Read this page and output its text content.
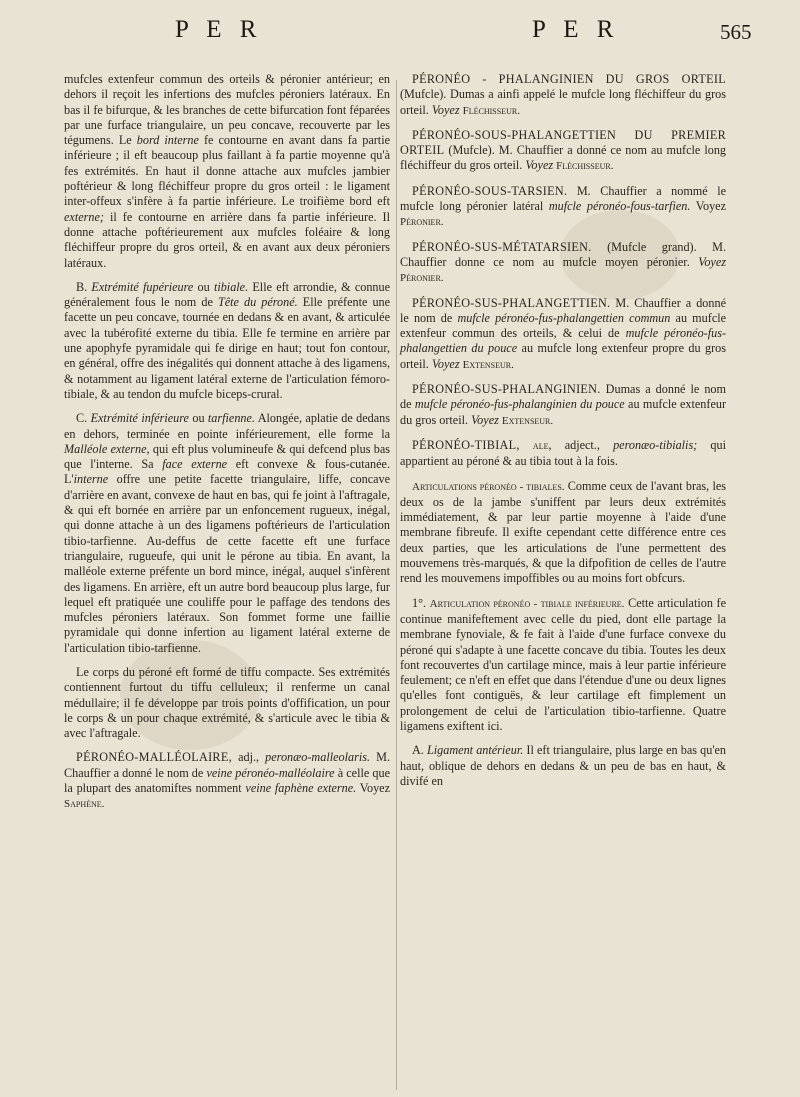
P E R	P E R	565

mufcles extenfeur commun des orteils & péronier antérieur; en dehors il reçoit les infertions des mufcles péroniers latéraux. En bas il fe bifurque, & les branches de cette bifurcation font féparées par une furface triangulaire, un peu concave, recouverte par les tégumens. Le bord interne fe contourne en avant dans fa partie inférieure ; il eft beaucoup plus faillant à fa partie moyenne qu'à fes extrémités. En haut il donne attache aux mufcles jambier poftérieur & long fléchiffeur propre du gros orteil : le ligament inter-offeux s'infère à fa partie inférieure. Le troifième bord eft externe; il fe contourne en arrière dans fa partie inférieure. Il donne attache poftérieurement aux mufcles foléaire & long fléchiffeur propre du gros orteil, & en avant aux deux péroniers latéraux.

B. Extrémité fupérieure ou tibiale. Elle eft arrondie, & connue généralement fous le nom de Tête du péroné. Elle préfente une facette un peu concave, tournée en dedans & en avant, & articulée avec la tubérofité externe du tibia. Elle fe termine en arrière par une apophyfe pyramidale qui fe dirige en haut; tout fon contour, en général, offre des inégalités qui donnent attache à des ligamens, & notamment au ligament latéral externe de l'articulation fémoro-tibiale, & au tendon du mufcle biceps-crural.

C. Extrémité inférieure ou tarfienne. Alongée, aplatie de dedans en dehors, terminée en pointe inférieurement, elle forme la Malléole externe, qui eft plus volumineufe & qui defcend plus bas que l'interne. Sa face externe eft convexe & fous-cutanée. L'interne offre une petite facette triangulaire, liffe, concave d'arrière en avant, convexe de haut en bas, qui fe joint à l'aftragale, & qui eft bornée en arrière par un enfoncement rugueux, inégal, qui donne attache à un des ligamens poftérieurs de l'articulation tibio-tarfienne. Au-deffus de cette facette eft une furface triangulaire, rugueufe, qui unit le pérone au tibia. En avant, la malléole externe préfente un bord mince, inégal, auquel s'infèrent des ligamens. En arrière, eft un autre bord beaucoup plus large, fur lequel eft pratiquée une couliffe pour le paffage des tendons des mufcles péroniers latéraux. Son fommet forme une faillie pyramidale qui donne infertion au ligament latéral externe de l'articulation tibio-tarfienne.

Le corps du péroné eft formé de tiffu compacte. Ses extrémités contiennent furtout du tiffu celluleux; il renferme un canal médullaire; il fe développe par trois points d'offification, un pour le corps & un pour chaque extrémité, & s'articule avec le tibia & avec l'aftragale.

PÉRONÉO-MALLÉOLAIRE, adj., peronæo-malleolaris. M. Chauffier a donné le nom de veine péronéo-malléolaire à celle que la plupart des anatomiftes nomment veine faphène externe. Voyez Saphène.

PÉRONÉO - PHALANGINIEN DU GROS ORTEIL (Mufcle). Dumas a ainfi appelé le mufcle long fléchiffeur du gros orteil. Voyez Fléchisseur.

PÉRONÉO-SOUS-PHALANGETTIEN DU PREMIER ORTEIL (Mufcle). M. Chauffier a donné ce nom au mufcle long fléchiffeur du gros orteil. Voyez Fléchisseur.

PÉRONÉO-SOUS-TARSIEN. M. Chauffier a nommé le mufcle long péronier latéral mufcle péronéo-fous-tarfien. Voyez Péronier.

PÉRONÉO-SUS-MÉTATARSIEN. (Mufcle grand). M. Chauffier donne ce nom au mufcle moyen péronier. Voyez Péronier.

PÉRONÉO-SUS-PHALANGETTIEN. M. Chauffier a donné le nom de mufcle péronéo-fus-phalangettien commun au mufcle extenfeur commun des orteils, & celui de mufcle péronéo-fus-phalangettien du pouce au mufcle long extenfeur propre du gros orteil. Voyez Extenseur.

PÉRONÉO-SUS-PHALANGINIEN. Dumas a donné le nom de mufcle péronéo-fus-phalanginien du pouce au mufcle extenfeur du gros orteil. Voyez Extenseur.

PÉRONÉO-TIBIAL, ale, adject., peronæo-tibialis; qui appartient au péroné & au tibia tout à la fois.

Articulations péronéo - tibiales. Comme ceux de l'avant bras, les deux os de la jambe s'uniffent par leurs deux extrémités immédiatement, & par leur partie moyenne à l'aide d'une membrane fibreufe. Il exifte cependant cette différence entre ces deux parties, que les articulations de l'une permettent des mouvemens très-marqués, & que la difpofition de celles de l'autre rend les mouvemens impoffibles ou au moins fort obfcurs.

1°. Articulation péronéo - tibiale inférieure. Cette articulation fe continue manifeftement avec celle du pied, dont elle partage la membrane fynoviale, & fe fait à l'aide d'une furface convexe du péroné qui s'adapte à une facette concave du tibia. Toutes les deux font recouvertes d'un cartilage mince, mais à leur partie inférieure feulement; ce n'eft en effet que dans l'étendue d'une ou deux lignes qu'elles font contiguës, & leur cartilage eft fimplement un prolongement de celui de l'articulation tibio-tarfienne. Quatre ligamens exiftent ici.

A. Ligament antérieur. Il eft triangulaire, plus large en bas qu'en haut, oblique de dehors en dedans & un peu de bas en haut, & divifé en
